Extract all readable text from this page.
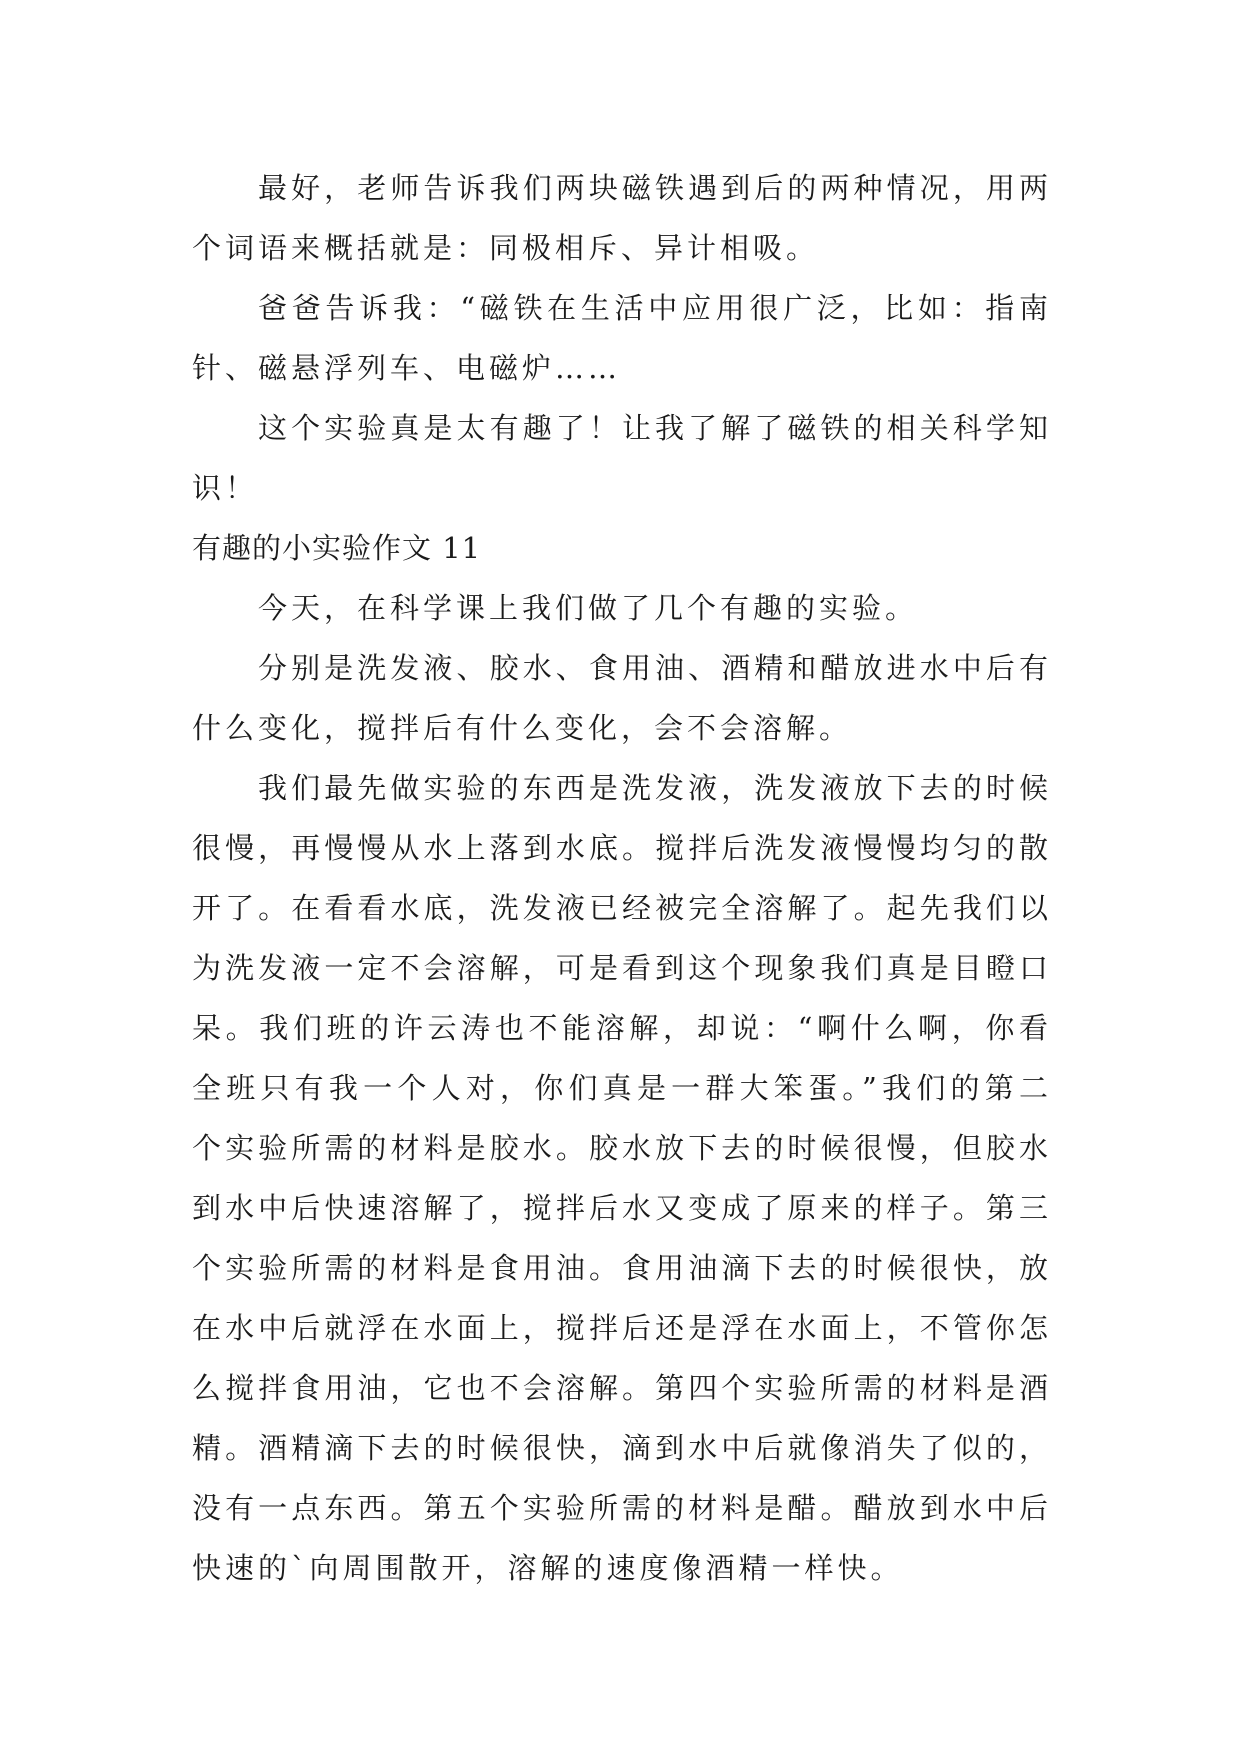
最好，老师告诉我们两块磁铁遇到后的两种情况，用两个词语来概括就是：同极相斥、异计相吸。

爸爸告诉我：“磁铁在生活中应用很广泛，比如：指南针、磁悬浮列车、电磁炉……

这个实验真是太有趣了！让我了解了磁铁的相关科学知识！

有趣的小实验作文 11

今天，在科学课上我们做了几个有趣的实验。

分别是洗发液、胶水、食用油、酒精和醋放进水中后有什么变化，搅拌后有什么变化，会不会溶解。

我们最先做实验的东西是洗发液，洗发液放下去的时候很慢，再慢慢从水上落到水底。搅拌后洗发液慢慢均匀的散开了。在看看水底，洗发液已经被完全溶解了。起先我们以为洗发液一定不会溶解，可是看到这个现象我们真是目瞪口呆。我们班的许云涛也不能溶解，却说：“啊什么啊，你看全班只有我一个人对，你们真是一群大笨蛋。”我们的第二个实验所需的材料是胶水。胶水放下去的时候很慢，但胶水到水中后快速溶解了，搅拌后水又变成了原来的样子。第三个实验所需的材料是食用油。食用油滴下去的时候很快，放在水中后就浮在水面上，搅拌后还是浮在水面上，不管你怎么搅拌食用油，它也不会溶解。第四个实验所需的材料是酒精。酒精滴下去的时候很快，滴到水中后就像消失了似的，没有一点东西。第五个实验所需的材料是醋。醋放到水中后快速的`向周围散开，溶解的速度像酒精一样快。
